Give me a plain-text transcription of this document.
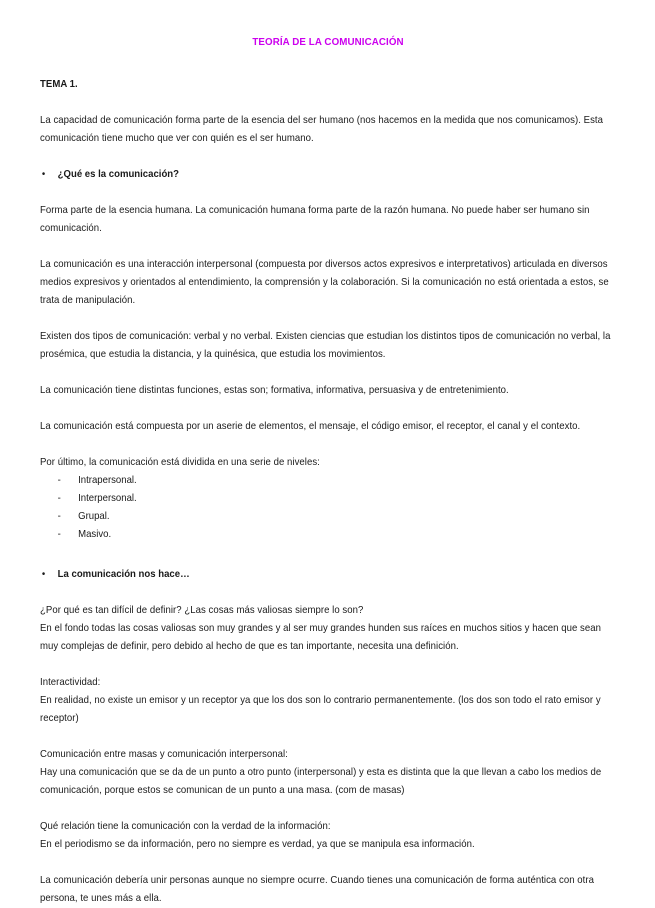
TEORÍA DE LA COMUNICACIÓN
TEMA 1.
La capacidad de comunicación forma parte de la esencia del ser humano (nos hacemos en la medida que nos comunicamos). Esta comunicación tiene mucho que ver con quién es el ser humano.
•	¿Qué es la comunicación?
Forma parte de la esencia humana. La comunicación humana forma parte de la razón humana. No puede haber ser humano sin comunicación.
La comunicación es una interacción interpersonal (compuesta por diversos actos expresivos e interpretativos) articulada en diversos medios expresivos y orientados al entendimiento, la comprensión y la colaboración. Si la comunicación no está orientada a estos, se trata de manipulación.
Existen dos tipos de comunicación: verbal y no verbal. Existen ciencias que estudian los distintos tipos de comunicación no verbal, la prosémica, que estudia la distancia, y la quinésica, que estudia los movimientos.
La comunicación tiene distintas funciones, estas son; formativa, informativa, persuasiva y de entretenimiento.
La comunicación está compuesta por un aserie de elementos, el mensaje, el código emisor, el receptor, el canal y el contexto.
Por último, la comunicación está dividida en una serie de niveles:
-	Intrapersonal.
-	Interpersonal.
-	Grupal.
-	Masivo.
•	La comunicación nos hace…
¿Por qué es tan difícil de definir? ¿Las cosas más valiosas siempre lo son?
En el fondo todas las cosas valiosas son muy grandes y al ser muy grandes hunden sus raíces en muchos sitios y hacen que sean muy complejas de definir, pero debido al hecho de que es tan importante, necesita una definición.
Interactividad:
En realidad, no existe un emisor y un receptor ya que los dos son lo contrario permanentemente. (los dos son todo el rato emisor y receptor)
Comunicación entre masas y comunicación interpersonal:
Hay una comunicación que se da de un punto a otro punto (interpersonal) y esta es distinta que la que llevan a cabo los medios de comunicación, porque estos se comunican de un punto a una masa. (com de masas)
Qué relación tiene la comunicación con la verdad de la información:
En el periodismo se da información, pero no siempre es verdad, ya que se manipula esa información.
La comunicación debería unir personas aunque no siempre ocurre. Cuando tienes una comunicación de forma auténtica con otra persona, te unes más a ella.
